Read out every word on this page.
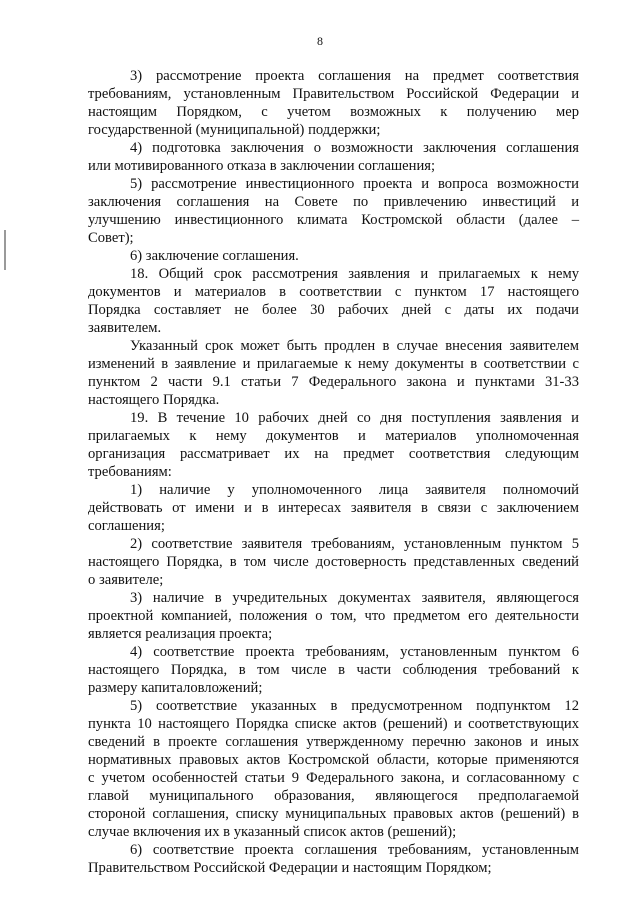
8
3) рассмотрение проекта соглашения на предмет соответствия
требованиям, установленным Правительством Российской Федерации и
настоящим Порядком, с учетом возможных к получению мер
государственной (муниципальной) поддержки;
4) подготовка заключения о возможности заключения соглашения
или мотивированного отказа в заключении соглашения;
5) рассмотрение инвестиционного проекта и вопроса возможности
заключения соглашения на Совете по привлечению инвестиций и
улучшению инвестиционного климата Костромской области (далее –
Совет);
6) заключение соглашения.
18. Общий срок рассмотрения заявления и прилагаемых к нему
документов и материалов в соответствии с пунктом 17 настоящего
Порядка составляет не более 30 рабочих дней с даты их подачи
заявителем.
Указанный срок может быть продлен в случае внесения заявителем
изменений в заявление и прилагаемые к нему документы в соответствии с
пунктом 2 части 9.1 статьи 7 Федерального закона и пунктами 31-33
настоящего Порядка.
19. В течение 10 рабочих дней со дня поступления заявления и
прилагаемых к нему документов и материалов уполномоченная
организация рассматривает их на предмет соответствия следующим
требованиям:
1) наличие у уполномоченного лица заявителя полномочий
действовать от имени и в интересах заявителя в связи с заключением
соглашения;
2) соответствие заявителя требованиям, установленным пунктом 5
настоящего Порядка, в том числе достоверность представленных сведений
о заявителе;
3) наличие в учредительных документах заявителя, являющегося
проектной компанией, положения о том, что предметом его деятельности
является реализация проекта;
4) соответствие проекта требованиям, установленным пунктом 6
настоящего Порядка, в том числе в части соблюдения требований к
размеру капиталовложений;
5) соответствие указанных в предусмотренном подпунктом 12
пункта 10 настоящего Порядка списке актов (решений) и соответствующих
сведений в проекте соглашения утвержденному перечню законов и иных
нормативных правовых актов Костромской области, которые применяются
с учетом особенностей статьи 9 Федерального закона, и согласованному с
главой муниципального образования, являющегося предполагаемой
стороной соглашения, списку муниципальных правовых актов (решений) в
случае включения их в указанный список актов (решений);
6) соответствие проекта соглашения требованиям, установленным
Правительством Российской Федерации и настоящим Порядком;
